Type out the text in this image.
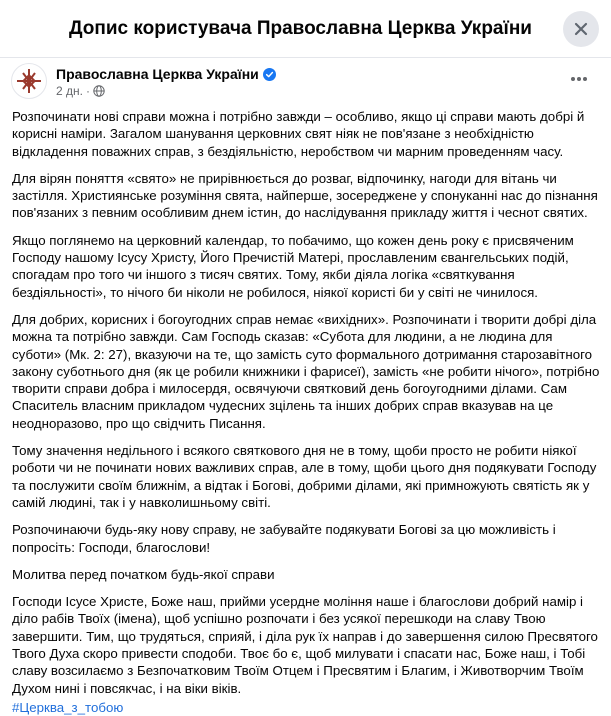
Допис користувача Православна Церква України
Православна Церква України
2 дн. ·

Розпочинати нові справи можна і потрібно завжди – особливо, якщо ці справи мають добрі й корисні наміри. Загалом шанування церковних свят ніяк не пов'язане з необхідністю відкладення поважних справ, з бездіяльністю, неробством чи марним проведенням часу.

Для вірян поняття «свято» не прирівнюється до розваг, відпочинку, нагоди для вітань чи застілля. Християнське розуміння свята, найперше, зосереджене у спонуканні нас до пізнання пов'язаних з певним особливим днем істин, до наслідування прикладу життя і чеснот святих.

Якщо поглянемо на церковний календар, то побачимо, що кожен день року є присвяченим Господу нашому Ісусу Христу, Його Пречистій Матері, прославленим євангельських подій, спогадам про того чи іншого з тисяч святих. Тому, якби діяла логіка «святкування бездіяльності», то нічого би ніколи не робилося, ніякої користі би у світі не чинилося.

Для добрих, корисних і богоугодних справ немає «вихідних». Розпочинати і творити добрі діла можна та потрібно завжди. Сам Господь сказав: «Субота для людини, а не людина для суботи» (Мк. 2: 27), вказуючи на те, що замість суто формального дотримання старозавітного закону суботнього дня (як це робили книжники і фарисеї), замість «не робити нічого», потрібно творити справи добра і милосердя, освячуючи святковий день богоугодними ділами. Сам Спаситель власним прикладом чудесних зцілень та інших добрих справ вказував на це неодноразово, про що свідчить Писання.

Тому значення недільного і всякого святкового дня не в тому, щоби просто не робити ніякої роботи чи не починати нових важливих справ, але в тому, щоби цього дня подякувати Господу та послужити своїм ближнім, а відтак і Богові, добрими ділами, які примножують святість як у самій людині, так і у навколишньому світі.

Розпочинаючи будь-яку нову справу, не забувайте подякувати Богові за цю можливість і попросіть: Господи, благослови!

Молитва перед початком будь-якої справи

Господи Ісусе Христе, Боже наш, прийми усердне моління наше і благослови добрий намір і діло рабів Твоїх (імена), щоб успішно розпочати і без усякої перешкоди на славу Твою завершити. Тим, що трудяться, сприяй, і діла рук їх направ і до завершення силою Пресвятого Твого Духа скоро привести сподоби. Твоє бо є, щоб милувати і спасати нас, Боже наш, і Тобі славу возсилаємо з Безпочатковим Твоїм Отцем і Пресвятим і Благим, і Животворчим Твоїм Духом нині і повсякчас, і на віки віків.

#Церква_з_тобою
